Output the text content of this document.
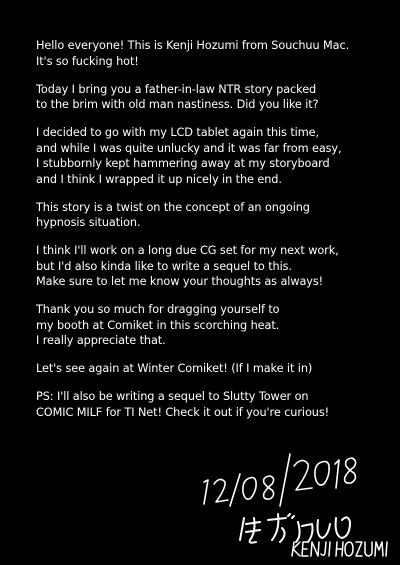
Hello everyone! This is Kenji Hozumi from Souchuu Mac.
It's so fucking hot!

Today I bring you a father-in-law NTR story packed
to the brim with old man nastiness. Did you like it?

I decided to go with my LCD tablet again this time,
and while I was quite unlucky and it was far from easy,
I stubbornly kept hammering away at my storyboard
and I think I wrapped it up nicely in the end.

This story is a twist on the concept of an ongoing
hypnosis situation.

I think I'll work on a long due CG set for my next work,
but I'd also kinda like to write a sequel to this.
Make sure to let me know your thoughts as always!

Thank you so much for dragging yourself to
my booth at Comiket in this scorching heat.
I really appreciate that.

Let's see again at Winter Comiket! (If I make it in)

PS: I'll also be writing a sequel to Slutty Tower on
COMIC MILF for TI Net! Check it out if you're curious!
